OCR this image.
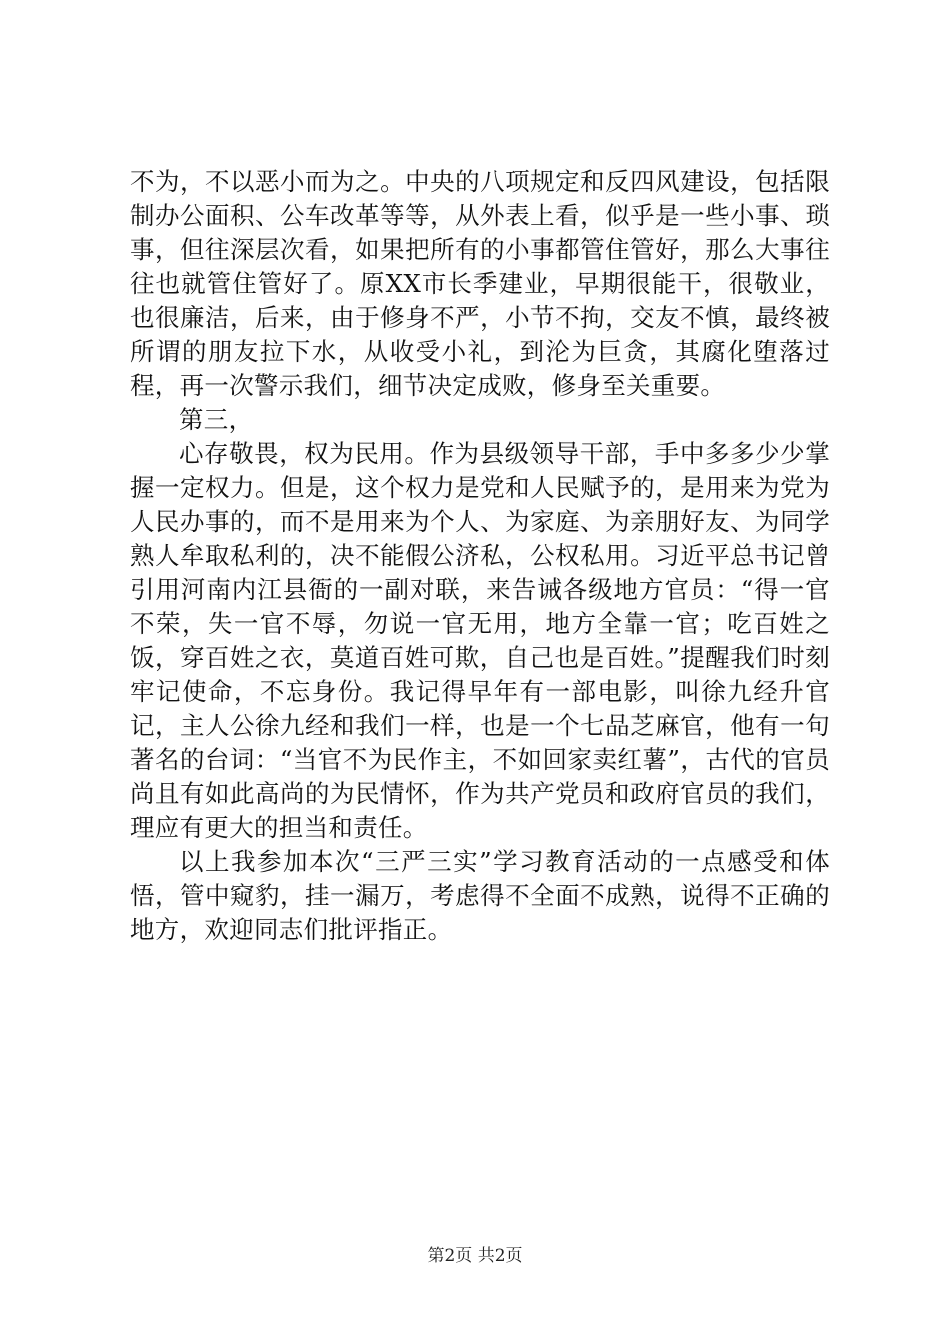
不为，不以恶小而为之。中央的八项规定和反四风建设，包括限制办公面积、公车改革等等，从外表上看，似乎是一些小事、琐事，但往深层次看，如果把所有的小事都管住管好，那么大事往往也就管住管好了。原XX市长季建业，早期很能干，很敬业，也很廉洁，后来，由于修身不严，小节不拘，交友不慎，最终被所谓的朋友拉下水，从收受小礼，到沦为巨贪，其腐化堕落过程，再一次警示我们，细节决定成败，修身至关重要。

第三，

心存敬畏，权为民用。作为县级领导干部，手中多多少少掌握一定权力。但是，这个权力是党和人民赋予的，是用来为党为人民办事的，而不是用来为个人、为家庭、为亲朋好友、为同学熟人牟取私利的，决不能假公济私，公权私用。习近平总书记曾引用河南内江县衙的一副对联，来告诫各级地方官员：“得一官不荣，失一官不辱，勿说一官无用，地方全靠一官；吃百姓之饭，穿百姓之衣，莫道百姓可欺，自己也是百姓。”提醒我们时刻牢记使命，不忘身份。我记得早年有一部电影，叫徐九经升官记，主人公徐九经和我们一样，也是一个七品芝麻官，他有一句著名的台词：“当官不为民作主，不如回家卖红薯”，古代的官员尚且有如此高尚的为民情怀，作为共产党员和政府官员的我们，理应有更大的担当和责任。

以上我参加本次“三严三实”学习教育活动的一点感受和体悟，管中窥豹，挂一漏万，考虑得不全面不成熟，说得不正确的地方，欢迎同志们批评指正。

第2页 共2页
